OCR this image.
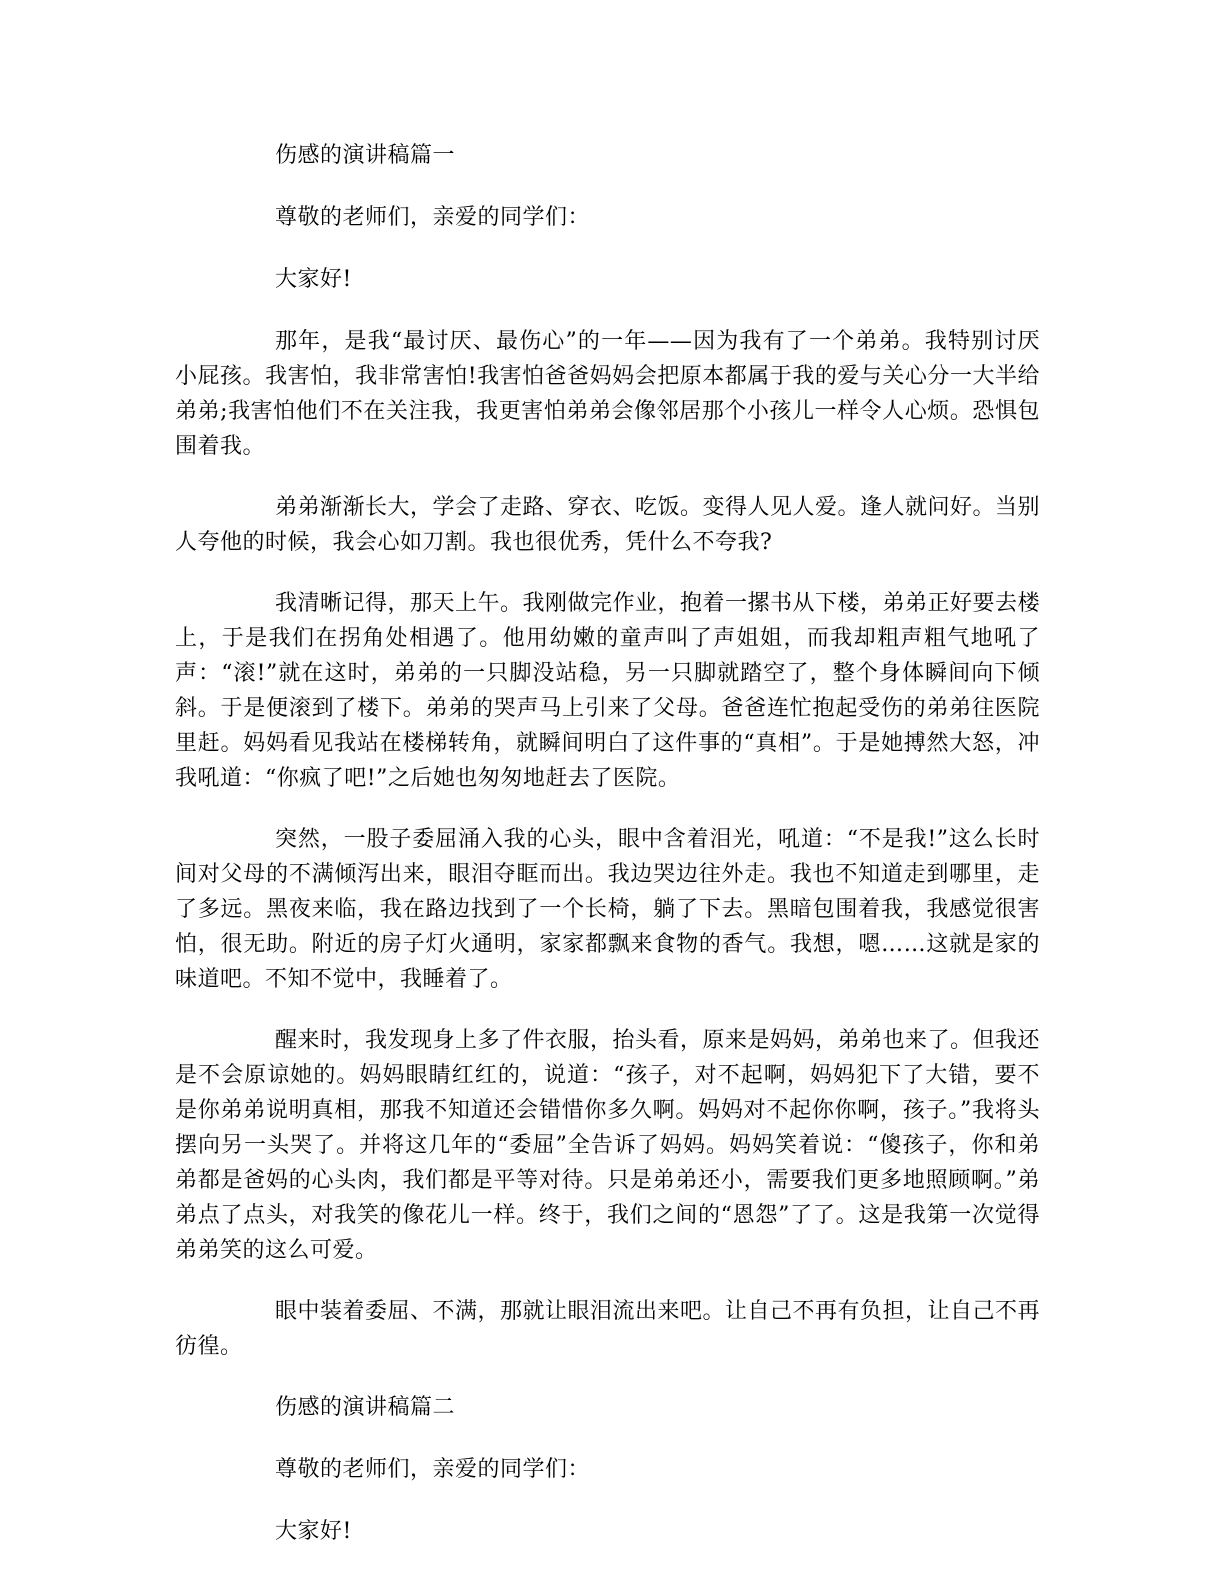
伤感的演讲稿篇一

尊敬的老师们，亲爱的同学们：

大家好!

那年，是我“最讨厌、最伤心”的一年——因为我有了一个弟弟。我特别讨厌小屁孩。我害怕，我非常害怕!我害怕爸爸妈妈会把原本都属于我的爱与关心分一大半给弟弟;我害怕他们不在关注我，我更害怕弟弟会像邻居那个小孩儿一样令人心烦。恐惧包围着我。

弟弟渐渐长大，学会了走路、穿衣、吃饭。变得人见人爱。逢人就问好。当别人夸他的时候，我会心如刀割。我也很优秀，凭什么不夸我?

我清晰记得，那天上午。我刚做完作业，抱着一摞书从下楼，弟弟正好要去楼上，于是我们在拐角处相遇了。他用幼嫩的童声叫了声姐姐，而我却粗声粗气地吼了声：“滚!”就在这时，弟弟的一只脚没站稳，另一只脚就踏空了，整个身体瞬间向下倾斜。于是便滚到了楼下。弟弟的哭声马上引来了父母。爸爸连忙抱起受伤的弟弟往医院里赶。妈妈看见我站在楼梯转角，就瞬间明白了这件事的“真相”。于是她搏然大怒，冲我吼道：“你疯了吧!”之后她也匆匆地赶去了医院。

突然，一股子委屈涌入我的心头，眼中含着泪光，吼道：“不是我!”这么长时间对父母的不满倾泻出来，眼泪夺眶而出。我边哭边往外走。我也不知道走到哪里，走了多远。黑夜来临，我在路边找到了一个长椅，躺了下去。黑暗包围着我，我感觉很害怕，很无助。附近的房子灯火通明，家家都飘来食物的香气。我想，嗯……这就是家的味道吧。不知不觉中，我睡着了。

醒来时，我发现身上多了件衣服，抬头看，原来是妈妈，弟弟也来了。但我还是不会原谅她的。妈妈眼睛红红的，说道：“孩子，对不起啊，妈妈犯下了大错，要不是你弟弟说明真相，那我不知道还会错惜你多久啊。妈妈对不起你你啊，孩子。”我将头摆向另一头哭了。并将这几年的“委屈”全告诉了妈妈。妈妈笑着说：“傻孩子，你和弟弟都是爸妈的心头肉，我们都是平等对待。只是弟弟还小，需要我们更多地照顾啊。”弟弟点了点头，对我笑的像花儿一样。终于，我们之间的“恩怨”了了。这是我第一次觉得弟弟笑的这么可爱。

眼中装着委屈、不满，那就让眼泪流出来吧。让自己不再有负担，让自己不再彷徨。

伤感的演讲稿篇二

尊敬的老师们，亲爱的同学们：

大家好!
